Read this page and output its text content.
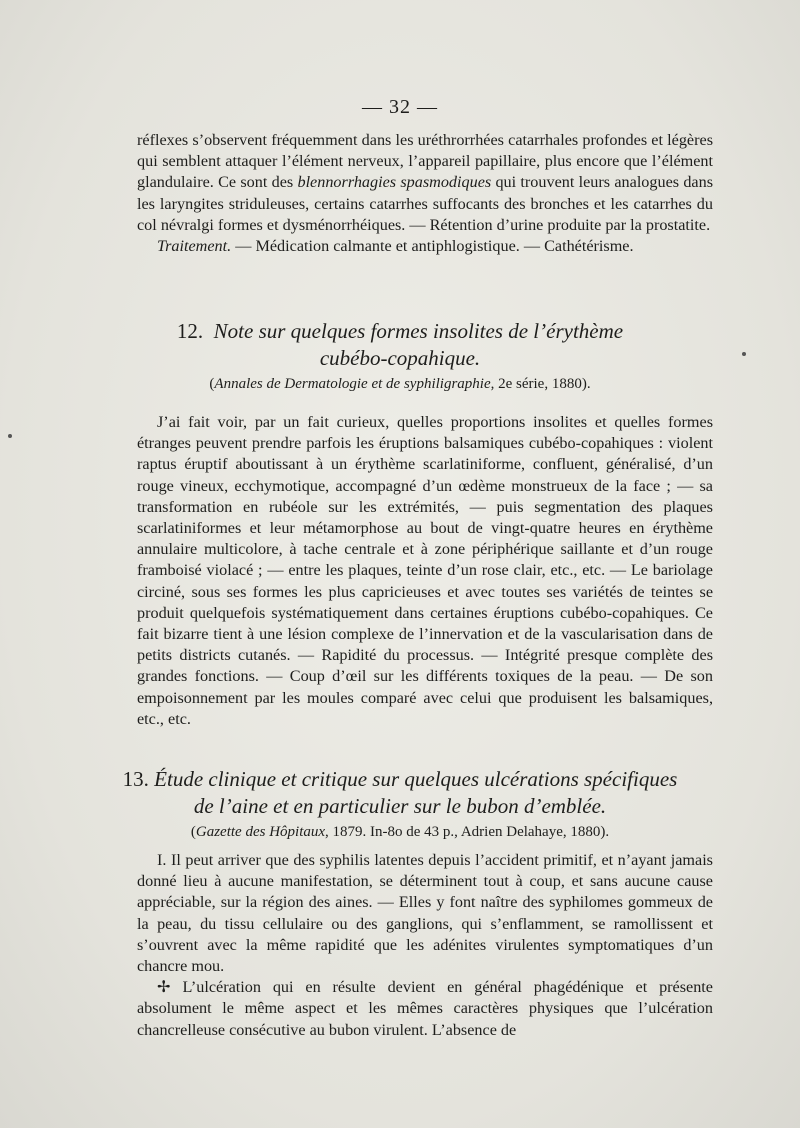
— 32 —

réflexes s’observent fréquemment dans les uréthrorrhées catarrhales profondes et légères qui semblent attaquer l’élément nerveux, l’appareil papillaire, plus encore que l’élément glandulaire. Ce sont des blennorrhagies spasmodiques qui trouvent leurs analogues dans les laryngites striduleuses, certains catarrhes suffocants des bronches et les catarrhes du col névralgi formes et dysménorrhéiques. — Rétention d’urine produite par la prostatite.

Traitement. — Médication calmante et antiphlogistique. — Cathétérisme.

12. Note sur quelques formes insolites de l’érythème
cubébo-copahique.
(Annales de Dermatologie et de syphiligraphie, 2e série, 1880).

J’ai fait voir, par un fait curieux, quelles proportions insolites et quelles formes étranges peuvent prendre parfois les éruptions balsamiques cubébo-copahiques : violent raptus éruptif aboutissant à un érythème scarlatiniforme, confluent, généralisé, d’un rouge vineux, ecchymotique, accompagné d’un œdème monstrueux de la face ; — sa transformation en rubéole sur les extrémités, — puis segmentation des plaques scarlatiniformes et leur métamorphose au bout de vingt-quatre heures en érythème annulaire multicolore, à tache centrale et à zone périphérique saillante et d’un rouge framboisé violacé ; — entre les plaques, teinte d’un rose clair, etc., etc. — Le bariolage circiné, sous ses formes les plus capricieuses et avec toutes ses variétés de teintes se produit quelquefois systématiquement dans certaines éruptions cubébo-copahiques. Ce fait bizarre tient à une lésion complexe de l’innervation et de la vascularisation dans de petits districts cutanés. — Rapidité du processus. — Intégrité presque complète des grandes fonctions. — Coup d’œil sur les différents toxiques de la peau. — De son empoisonnement par les moules comparé avec celui que produisent les balsamiques, etc., etc.

13. Étude clinique et critique sur quelques ulcérations spécifiques
de l’aine et en particulier sur le bubon d’emblée.
(Gazette des Hôpitaux, 1879. In-8o de 43 p., Adrien Delahaye, 1880).

I. Il peut arriver que des syphilis latentes depuis l’accident primitif, et n’ayant jamais donné lieu à aucune manifestation, se déterminent tout à coup, et sans aucune cause appréciable, sur la région des aines. — Elles y font naître des syphilomes gommeux de la peau, du tissu cellulaire ou des ganglions, qui s’enflamment, se ramollissent et s’ouvrent avec la même rapidité que les adénites virulentes symptomatiques d’un chancre mou.

✢ L’ulcération qui en résulte devient en général phagédénique et présente absolument le même aspect et les mêmes caractères physiques que l’ulcération chancrelleuse consécutive au bubon virulent. L’absence de
